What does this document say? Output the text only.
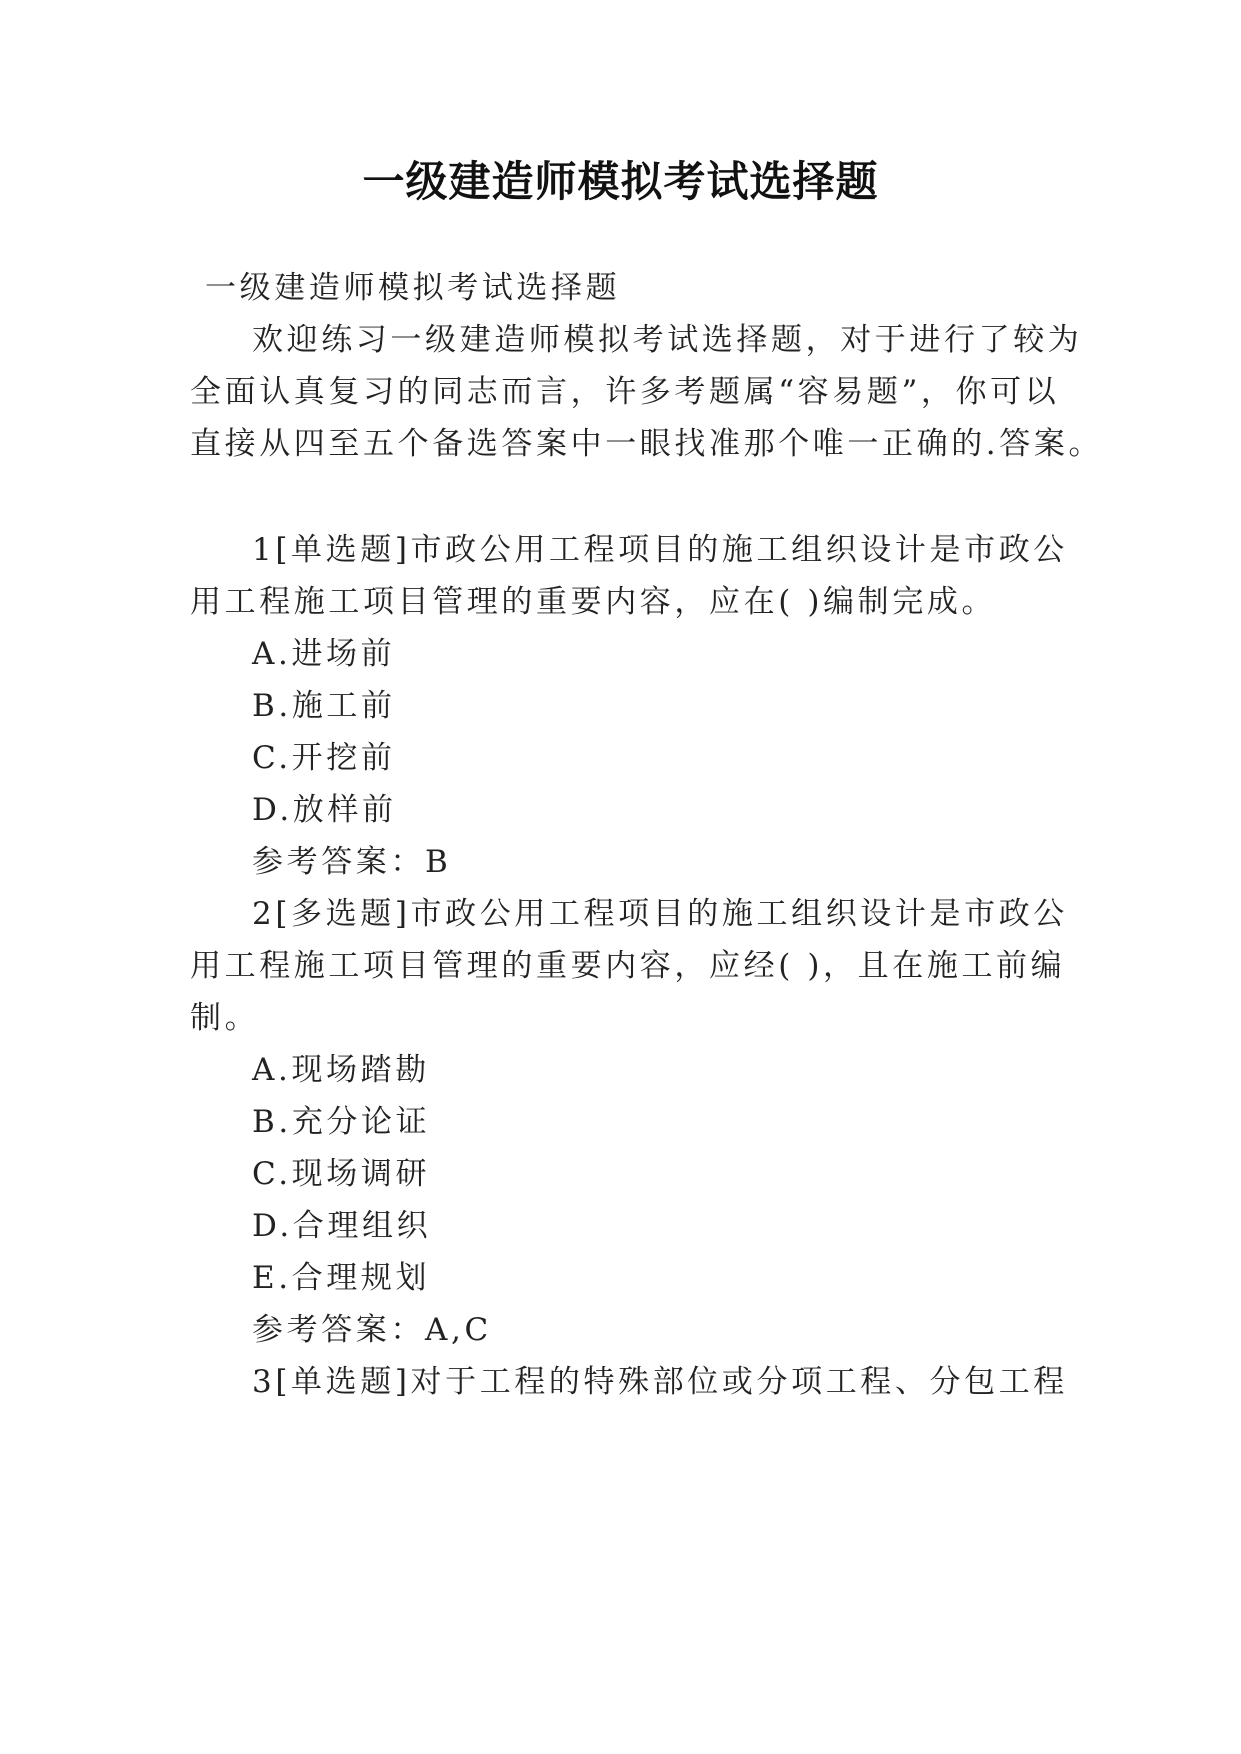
一级建造师模拟考试选择题
一级建造师模拟考试选择题
欢迎练习一级建造师模拟考试选择题，对于进行了较为
全面认真复习的同志而言，许多考题属“容易题”，你可以
直接从四至五个备选答案中一眼找准那个唯一正确的.答案。
1[单选题]市政公用工程项目的施工组织设计是市政公
用工程施工项目管理的重要内容，应在( )编制完成。
A.进场前
B.施工前
C.开挖前
D.放样前
参考答案：B
2[多选题]市政公用工程项目的施工组织设计是市政公
用工程施工项目管理的重要内容，应经( )，且在施工前编
制。
A.现场踏勘
B.充分论证
C.现场调研
D.合理组织
E.合理规划
参考答案：A,C
3[单选题]对于工程的特殊部位或分项工程、分包工程
